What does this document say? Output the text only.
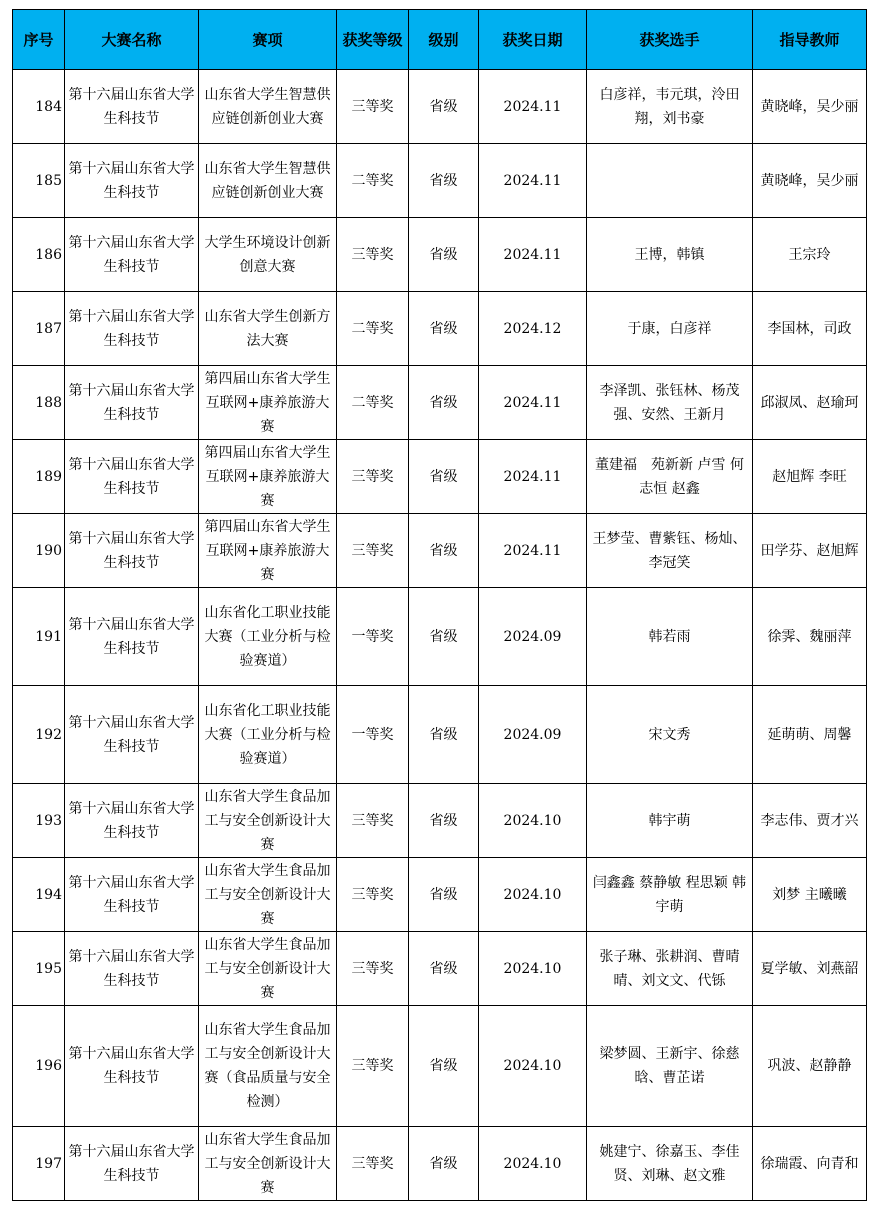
序号	大赛名称	赛项	获奖等级	级别	获奖日期	获奖选手	指导教师
184	第十六届山东省大学生科技节	山东省大学生智慧供应链创新创业大赛	三等奖	省级	2024.11	白彦祥，韦元琪，泠田翔，刘书豪	黄晓峰，吴少丽
185	第十六届山东省大学生科技节	山东省大学生智慧供应链创新创业大赛	二等奖	省级	2024.11		黄晓峰，吴少丽
186	第十六届山东省大学生科技节	大学生环境设计创新创意大赛	三等奖	省级	2024.11	王博，韩镇	王宗玲
187	第十六届山东省大学生科技节	山东省大学生创新方法大赛	二等奖	省级	2024.12	于康，白彦祥	李国林，司政
188	第十六届山东省大学生科技节	第四届山东省大学生互联网+康养旅游大赛	二等奖	省级	2024.11	李泽凯、张钰林、杨茂强、安然、王新月	邱淑凤、赵瑜珂
189	第十六届山东省大学生科技节	第四届山东省大学生互联网+康养旅游大赛	三等奖	省级	2024.11	董建福　苑新新 卢雪 何志恒 赵鑫	赵旭辉 李旺
190	第十六届山东省大学生科技节	第四届山东省大学生互联网+康养旅游大赛	三等奖	省级	2024.11	王梦莹、曹紫钰、杨灿、李冠笑	田学芬、赵旭辉
191	第十六届山东省大学生科技节	山东省化工职业技能大赛（工业分析与检验赛道）	一等奖	省级	2024.09	韩若雨	徐霁、魏丽萍
192	第十六届山东省大学生科技节	山东省化工职业技能大赛（工业分析与检验赛道）	一等奖	省级	2024.09	宋文秀	延萌萌、周馨
193	第十六届山东省大学生科技节	山东省大学生食品加工与安全创新设计大赛	三等奖	省级	2024.10	韩宇萌	李志伟、贾才兴
194	第十六届山东省大学生科技节	山东省大学生食品加工与安全创新设计大赛	三等奖	省级	2024.10	闫鑫鑫 蔡静敏 程思颖 韩宇萌	刘梦 主曦曦
195	第十六届山东省大学生科技节	山东省大学生食品加工与安全创新设计大赛	三等奖	省级	2024.10	张子琳、张耕润、曹晴晴、刘文文、代铄	夏学敏、刘燕韶
196	第十六届山东省大学生科技节	山东省大学生食品加工与安全创新设计大赛（食品质量与安全检测）	三等奖	省级	2024.10	梁梦圆、王新宇、徐慈晗、曹芷诺	巩波、赵静静
197	第十六届山东省大学生科技节	山东省大学生食品加工与安全创新设计大赛	三等奖	省级	2024.10	姚建宁、徐嘉玉、李佳贤、刘琳、赵文雅	徐瑞霞、向青和
